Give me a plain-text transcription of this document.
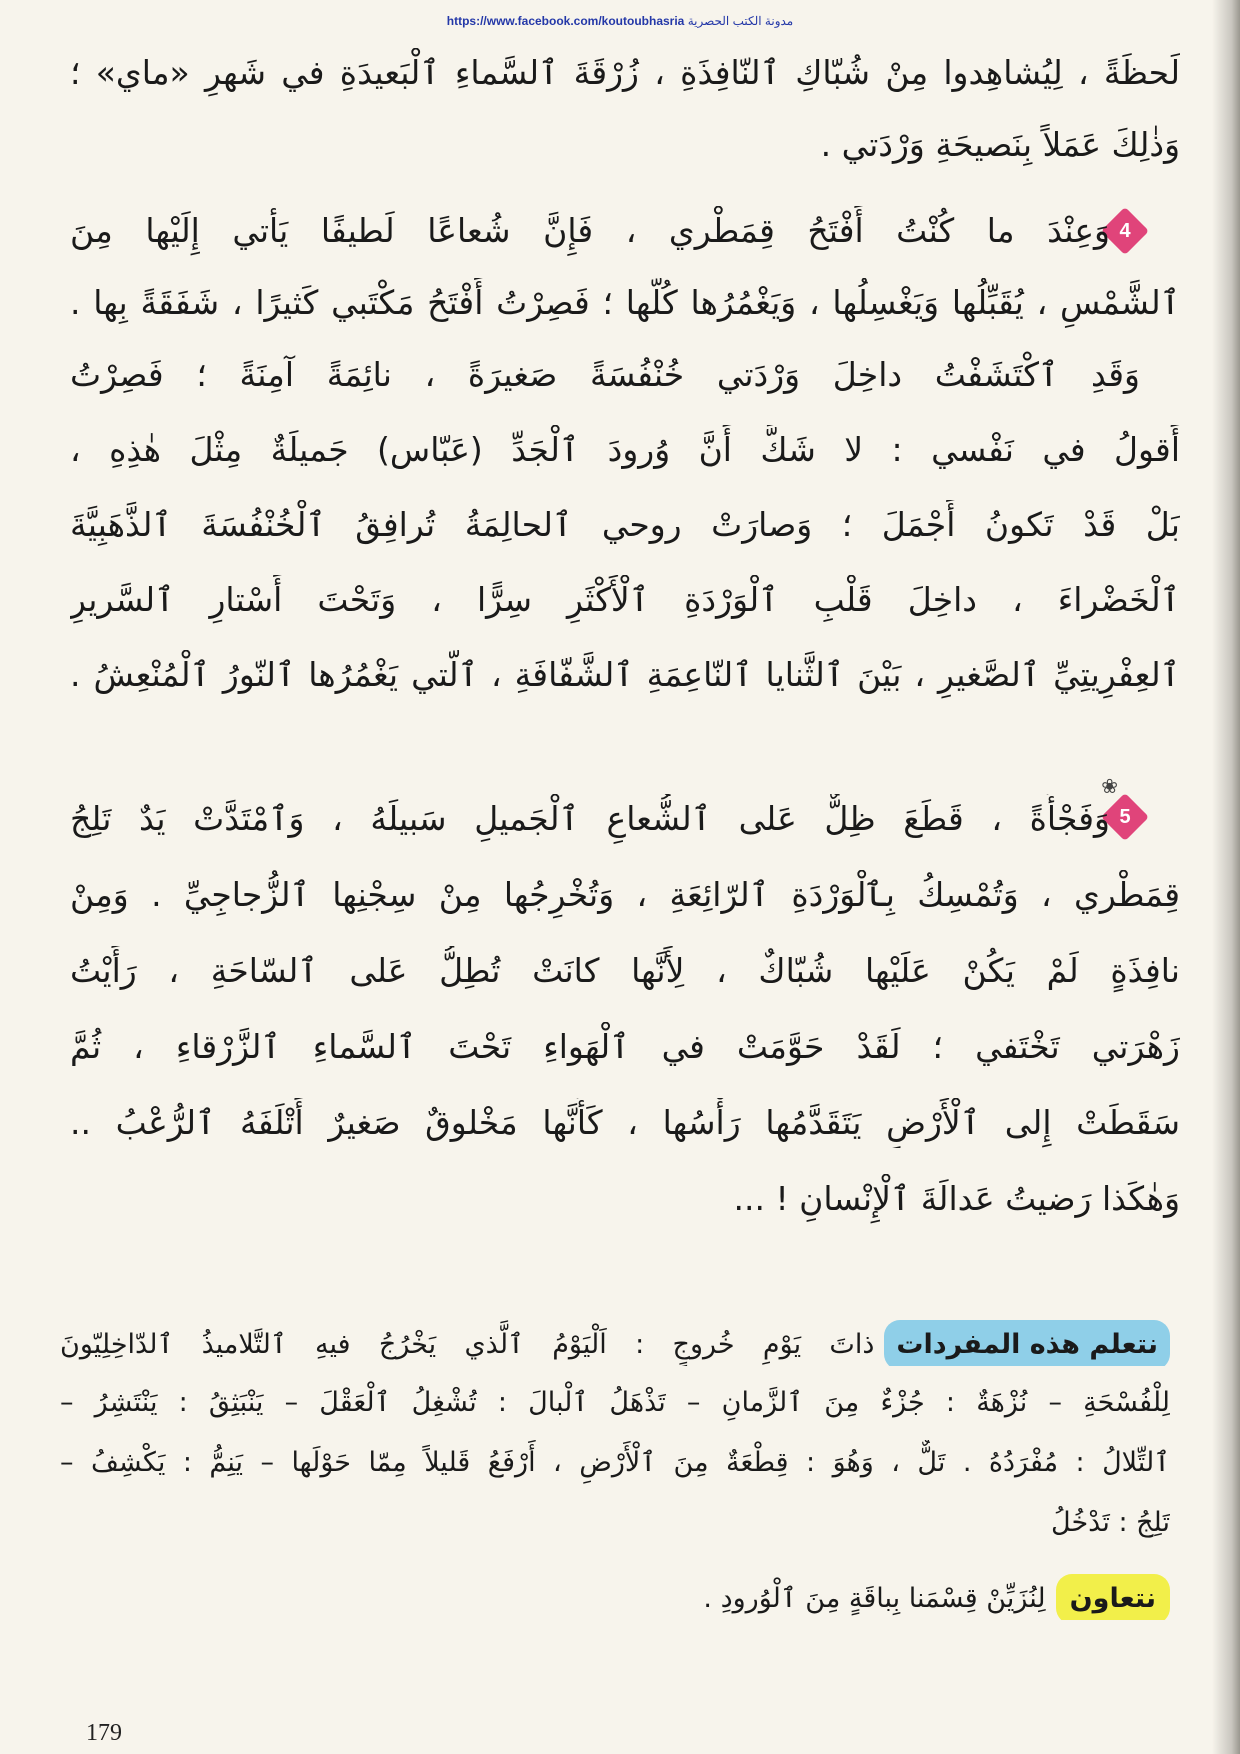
https://www.facebook.com/koutoubhasria مدونة الكتب الحصرية
لَحظَةً ، لِيُشاهِدوا مِنْ شُبّاكِ ٱلنّافِذَةِ ، زُرْقَةَ ٱلسَّماءِ ٱلْبَعيدَةِ في شَهرِ «ماي» ؛
وَذٰلِكَ عَمَلاً بِنَصيحَةِ وَرْدَتي .
4
وَعِنْدَ ما كُنْتُ أَفْتَحُ قِمَطْري ، فَإِنَّ شُعاعًا لَطيفًا يَأْتي إِلَيْها مِنَ
ٱلشَّمْسِ ، يُقَبِّلُها وَيَغْسِلُها ، وَيَغْمُرُها كُلَّها ؛ فَصِرْتُ أَفْتَحُ مَكْتَبي كَثيرًا ، شَفَقَةً بِها .
وَقَدِ ٱكْتَشَفْتُ داخِلَ وَرْدَتي خُنْفُسَةً صَغيرَةً ، نائِمَةً آمِنَةً ؛ فَصِرْتُ
أَقولُ في نَفْسي : لا شَكَّ أَنَّ وُرودَ ٱلْجَدِّ (عَبّاس) جَميلَةٌ مِثْلَ هٰذِهِ ،
بَلْ قَدْ تَكونُ أَجْمَلَ ؛ وَصارَتْ روحي ٱلحالِمَةُ تُرافِقُ ٱلْخُنْفُسَةَ ٱلذَّهَبِيَّةَ
ٱلْخَضْراءَ ، داخِلَ قَلْبِ ٱلْوَرْدَةِ ٱلْأَكْثَرِ سِرًّا ، وَتَحْتَ أَسْتارِ ٱلسَّريرِ
ٱلعِفْرِيتِيِّ ٱلصَّغيرِ ، بَيْنَ ٱلثَّنايا ٱلنّاعِمَةِ ٱلشَّفّافَةِ ، ٱلَّتي يَغْمُرُها ٱلنّورُ ٱلْمُنْعِشُ .
5
❀
وَفَجْأَةً ، قَطَعَ ظِلٌّ عَلى ٱلشُّعاعِ ٱلْجَميلِ سَبيلَهُ ، وَٱمْتَدَّتْ يَدٌ تَلِجُ
قِمَطْري ، وَتُمْسِكُ بِٱلْوَرْدَةِ ٱلرّائِعَةِ ، وَتُخْرِجُها مِنْ سِجْنِها ٱلزُّجاجِيِّ . وَمِنْ
نافِذَةٍ لَمْ يَكُنْ عَلَيْها شُبّاكٌ ، لِأَنَّها كانَتْ تُطِلُّ عَلى ٱلسّاحَةِ ، رَأَيْتُ
زَهْرَتي تَخْتَفي ؛ لَقَدْ حَوَّمَتْ في ٱلْهَواءِ تَحْتَ ٱلسَّماءِ ٱلزَّرْقاءِ ، ثُمَّ
سَقَطَتْ إِلى ٱلْأَرْضِ يَتَقَدَّمُها رَأْسُها ، كَأَنَّها مَخْلوقٌ صَغيرٌ أَتْلَفَهُ ٱلرُّعْبُ ..
وَهٰكَذا رَضيتُ عَدالَةَ ٱلْإِنْسانِ ! ...
نتعلم هذه المفرداتذاتَ يَوْمِ خُروجٍ : اَلْيَوْمُ ٱلَّذي يَخْرُجُ فيهِ ٱلتَّلاميذُ ٱلدّاخِلِيّونَ
لِلْفُسْحَةِ – نُزْهَةٌ : جُزْءٌ مِنَ ٱلزَّمانِ – تَذْهَلُ ٱلْبالَ : تُشْغِلُ ٱلْعَقْلَ – يَنْبَثِقُ : يَنْتَشِرُ –
ٱلتِّلالُ : مُفْرَدُهُ . تَلٌّ ، وَهُوَ : قِطْعَةٌ مِنَ ٱلْأَرْضِ ، أَرْفَعُ قَليلاً مِمّا حَوْلَها – يَنِمُّ : يَكْشِفُ –
تَلِجُ : تَدْخُلُ
نتعاونلِنُزَيِّنْ قِسْمَنا بِباقَةٍ مِنَ ٱلْوُرودِ .
179
